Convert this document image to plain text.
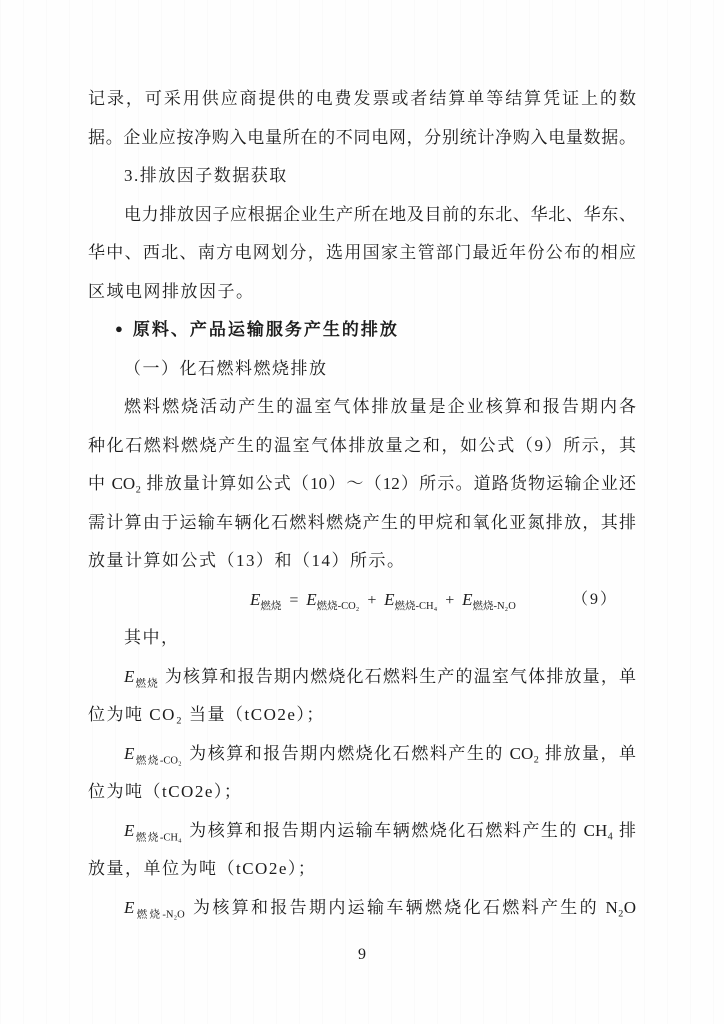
记录，可采用供应商提供的电费发票或者结算单等结算凭证上的数
据。企业应按净购入电量所在的不同电网，分别统计净购入电量数据。
3.排放因子数据获取
电力排放因子应根据企业生产所在地及目前的东北、华北、华东、
华中、西北、南方电网划分，选用国家主管部门最近年份公布的相应
区域电网排放因子。
● 原料、产品运输服务产生的排放
（一）化石燃料燃烧排放
燃料燃烧活动产生的温室气体排放量是企业核算和报告期内各
种化石燃料燃烧产生的温室气体排放量之和，如公式（9）所示，其
中 CO₂ 排放量计算如公式（10）～（12）所示。道路货物运输企业还
需计算由于运输车辆化石燃料燃烧产生的甲烷和氧化亚氮排放，其排
放量计算如公式（13）和（14）所示。
$E_{燃烧} = E_{燃烧-CO_2} + E_{燃烧-CH_4} + E_{燃烧-N_2O}$	（9）
其中，
$E_{燃烧}$ 为核算和报告期内燃烧化石燃料生产的温室气体排放量，单
位为吨 CO₂ 当量（tCO2e）；
$E_{燃烧-CO_2}$ 为核算和报告期内燃烧化石燃料产生的 CO₂ 排放量，单
位为吨（tCO2e）；
$E_{燃烧-CH_4}$ 为核算和报告期内运输车辆燃烧化石燃料产生的 CH₄ 排
放量，单位为吨（tCO2e）；
$E_{燃烧-N_2O}$ 为核算和报告期内运输车辆燃烧化石燃料产生的 N₂O
9
